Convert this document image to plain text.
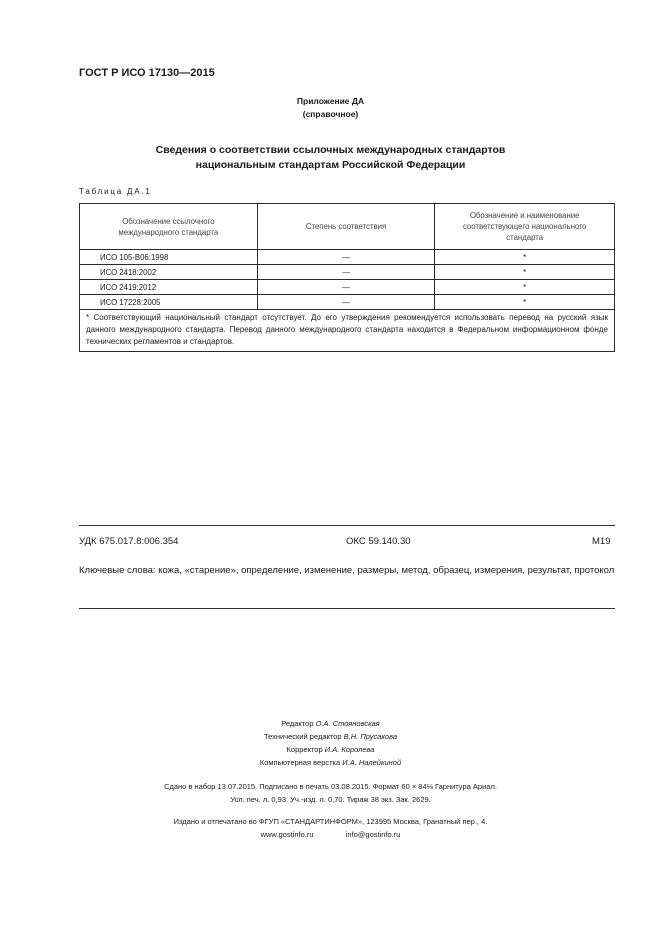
ГОСТ Р ИСО 17130—2015
Приложение ДА
(справочное)
Сведения о соответствии ссылочных международных стандартов
национальным стандартам Российской Федерации
Таблица ДА.1
Обозначение ссылочного международного стандарта	Степень соответствия	Обозначение и наименование соответствующего национального стандарта
ИСО 105-В06:1998	—	*
ИСО 2418:2002	—	*
ИСО 2419:2012	—	*
ИСО 17228:2005	—	*
* Соответствующий национальный стандарт отсутствует. До его утверждения рекомендуется использовать перевод на русский язык данного международного стандарта. Перевод данного международного стандарта находится в Федеральном информационном фонде технических регламентов и стандартов.		
УДК 675.017.8:006.354	ОКС 59.140.30	М19
Ключевые слова: кожа, «старение», определение, изменение, размеры, метод, образец, измерения, результат, протокол
Редактор О.А. Стояновская
Технический редактор В.Н. Прусакова
Корректор И.А. Королева
Компьютерная верстка И.А. Налейкиной
Сдано в набор 13.07.2015. Подписано в печать 03.08.2015. Формат 60 × 84⅛ Гарнитура Ариал.
Усл. печ. л. 0,93. Уч.-изд. л. 0,70. Тираж 38 экз. Зак. 2629.
Издано и отпечатано во ФГУП «СТАНДАРТИНФОРМ», 123995 Москва, Гранатный пер., 4.
www.gostinfo.ru	info@gostinfo.ru
